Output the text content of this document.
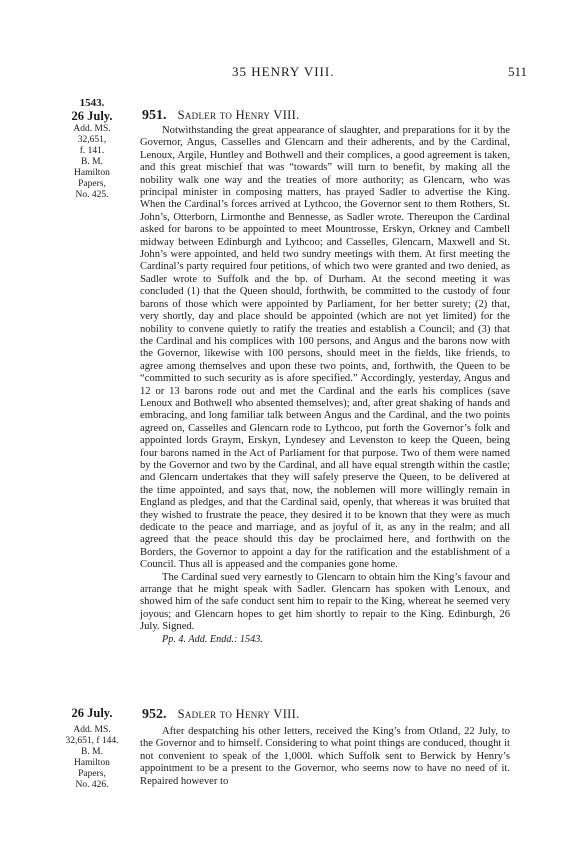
35 HENRY VIII.	511
1543.
26 July.
Add. MS.
32,651,
f. 141.
B. M.
Hamilton
Papers,
No. 425.
951. Sadler to Henry VIII.

Notwithstanding the great appearance of slaughter, and preparations for it by the Governor, Angus, Casselles and Glencarn and their adherents, and by the Cardinal, Lenoux, Argile, Huntley and Bothwell and their complices, a good agreement is taken, and this great mischief that was “towards” will turn to benefit, by making all the nobility walk one way and the treaties of more authority; as Glencarn, who was principal minister in composing matters, has prayed Sadler to advertise the King. When the Cardinal’s forces arrived at Lythcoo, the Governor sent to them Rothers, St. John’s, Otterborn, Lirmonthe and Bennesse, as Sadler wrote. Thereupon the Cardinal asked for barons to be appointed to meet Mountrosse, Erskyn, Orkney and Cambell midway between Edinburgh and Lythcoo; and Casselles, Glencarn, Maxwell and St. John’s were appointed, and held two sundry meetings with them. At first meeting the Cardinal’s party required four petitions, of which two were granted and two denied, as Sadler wrote to Suffolk and the bp. of Durham. At the second meeting it was concluded (1) that the Queen should, forthwith, be committed to the custody of four barons of those which were appointed by Parliament, for her better surety; (2) that, very shortly, day and place should be appointed (which are not yet limited) for the nobility to convene quietly to ratify the treaties and establish a Council; and (3) that the Cardinal and his complices with 100 persons, and Angus and the barons now with the Governor, likewise with 100 persons, should meet in the fields, like friends, to agree among themselves and upon these two points, and, forthwith, the Queen to be “committed to such security as is afore specified.” Accordingly, yesterday, Angus and 12 or 13 barons rode out and met the Cardinal and the earls his complices (save Lenoux and Bothwell who absented themselves); and, after great shaking of hands and embracing, and long familiar talk between Angus and the Cardinal, and the two points agreed on, Casselles and Glencarn rode to Lythcoo, put forth the Governor’s folk and appointed lords Graym, Erskyn, Lyndesey and Levenston to keep the Queen, being four barons named in the Act of Parliament for that purpose. Two of them were named by the Governor and two by the Cardinal, and all have equal strength within the castle; and Glencarn undertakes that they will safely preserve the Queen, to be delivered at the time appointed, and says that, now, the noblemen will more willingly remain in England as pledges, and that the Cardinal said, openly, that whereas it was bruited that they wished to frustrate the peace, they desired it to be known that they were as much dedicate to the peace and marriage, and as joyful of it, as any in the realm; and all agreed that the peace should this day be proclaimed here, and forthwith on the Borders, the Governor to appoint a day for the ratification and the establishment of a Council. Thus all is appeased and the companies gone home.

The Cardinal sued very earnestly to Glencarn to obtain him the King’s favour and arrange that he might speak with Sadler. Glencarn has spoken with Lenoux, and showed him of the safe conduct sent him to repair to the King, whereat he seemed very joyous; and Glencarn hopes to get him shortly to repair to the King. Edinburgh, 26 July. Signed.

Pp. 4. Add. Endd.: 1543.

26 July.
Add. MS.
32,651, f 144.
B. M.
Hamilton
Papers,
No. 426.
952. Sadler to Henry VIII.

After despatching his other letters, received the King’s from Otland, 22 July, to the Governor and to himself. Considering to what point things are conduced, thought it not convenient to speak of the 1,000l. which Suffolk sent to Berwick by Henry’s appointment to be a present to the Governor, who seems now to have no need of it. Repaired however to
